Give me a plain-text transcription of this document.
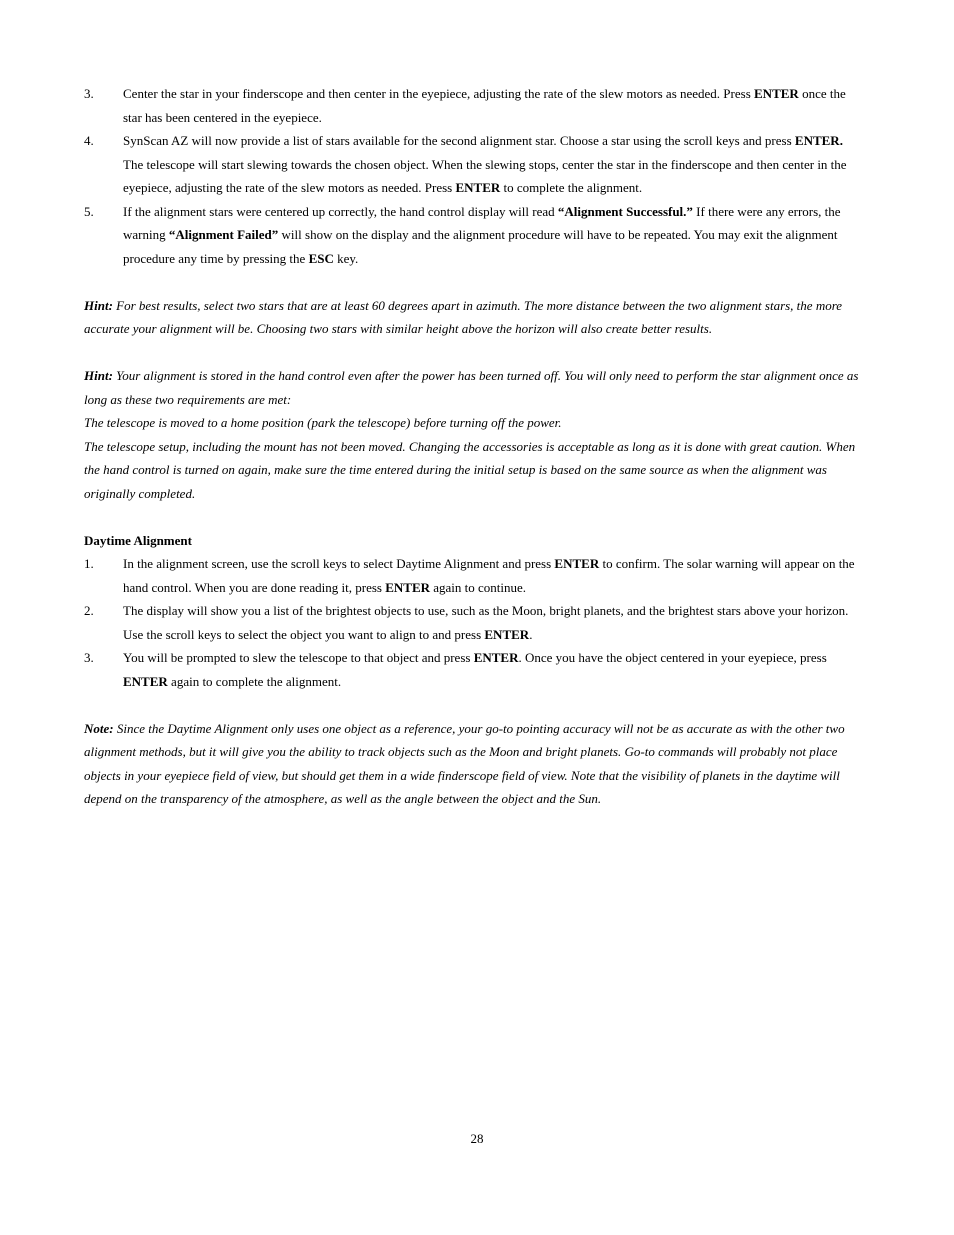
3. Center the star in your finderscope and then center in the eyepiece, adjusting the rate of the slew motors as needed. Press ENTER once the star has been centered in the eyepiece.
4. SynScan AZ will now provide a list of stars available for the second alignment star. Choose a star using the scroll keys and press ENTER. The telescope will start slewing towards the chosen object. When the slewing stops, center the star in the finderscope and then center in the eyepiece, adjusting the rate of the slew motors as needed. Press ENTER to complete the alignment.
5. If the alignment stars were centered up correctly, the hand control display will read “Alignment Successful.” If there were any errors, the warning “Alignment Failed” will show on the display and the alignment procedure will have to be repeated. You may exit the alignment procedure any time by pressing the ESC key.

Hint: For best results, select two stars that are at least 60 degrees apart in azimuth. The more distance between the two alignment stars, the more accurate your alignment will be. Choosing two stars with similar height above the horizon will also create better results.

Hint: Your alignment is stored in the hand control even after the power has been turned off. You will only need to perform the star alignment once as long as these two requirements are met:

The telescope is moved to a home position (park the telescope) before turning off the power.

The telescope setup, including the mount has not been moved. Changing the accessories is acceptable as long as it is done with great caution. When the hand control is turned on again, make sure the time entered during the initial setup is based on the same source as when the alignment was originally completed.

Daytime Alignment

1. In the alignment screen, use the scroll keys to select Daytime Alignment and press ENTER to confirm. The solar warning will appear on the hand control. When you are done reading it, press ENTER again to continue.
2. The display will show you a list of the brightest objects to use, such as the Moon, bright planets, and the brightest stars above your horizon. Use the scroll keys to select the object you want to align to and press ENTER.
3. You will be prompted to slew the telescope to that object and press ENTER. Once you have the object centered in your eyepiece, press ENTER again to complete the alignment.

Note: Since the Daytime Alignment only uses one object as a reference, your go-to pointing accuracy will not be as accurate as with the other two alignment methods, but it will give you the ability to track objects such as the Moon and bright planets. Go-to commands will probably not place objects in your eyepiece field of view, but should get them in a wide finderscope field of view. Note that the visibility of planets in the daytime will depend on the transparency of the atmosphere, as well as the angle between the object and the Sun.

28
